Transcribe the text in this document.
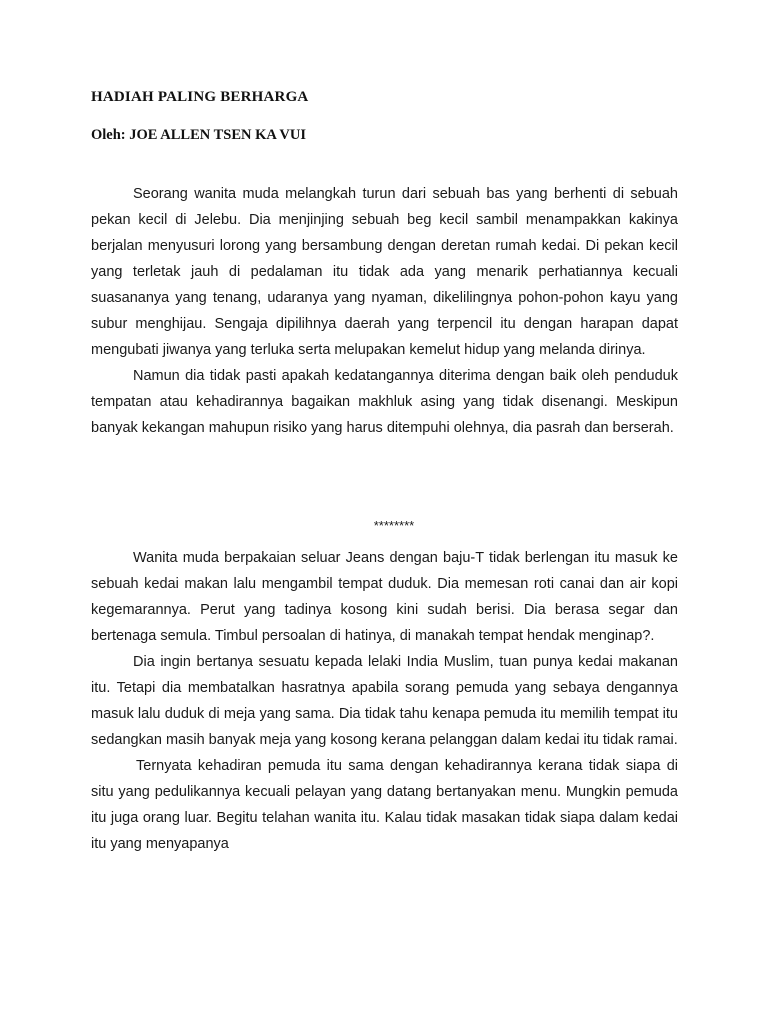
HADIAH PALING BERHARGA
Oleh: JOE ALLEN TSEN KA VUI

Seorang wanita muda melangkah turun dari sebuah bas yang berhenti di sebuah pekan kecil di Jelebu. Dia menjinjing sebuah beg kecil sambil menampakkan kakinya berjalan menyusuri lorong yang bersambung dengan deretan rumah kedai. Di pekan kecil yang terletak jauh di pedalaman itu tidak ada yang menarik perhatiannya kecuali suasananya yang tenang, udaranya yang nyaman, dikelilingnya pohon-pohon kayu yang subur menghijau. Sengaja dipilihnya daerah yang terpencil itu dengan harapan dapat mengubati jiwanya yang terluka serta melupakan kemelut hidup yang melanda dirinya.

Namun dia tidak pasti apakah kedatangannya diterima dengan baik oleh penduduk tempatan atau kehadirannya bagaikan makhluk asing yang tidak disenangi. Meskipun banyak kekangan mahupun risiko yang harus ditempuhi olehnya, dia pasrah dan berserah.

********

Wanita muda berpakaian seluar Jeans dengan baju-T tidak berlengan itu masuk ke sebuah kedai makan lalu mengambil tempat duduk. Dia memesan roti canai dan air kopi kegemarannya. Perut yang tadinya kosong kini sudah berisi. Dia berasa segar dan bertenaga semula. Timbul persoalan di hatinya, di manakah tempat hendak menginap?.

Dia ingin bertanya sesuatu kepada lelaki India Muslim, tuan punya kedai makanan itu. Tetapi dia membatalkan hasratnya apabila sorang pemuda yang sebaya dengannya masuk lalu duduk di meja yang sama. Dia tidak tahu kenapa pemuda itu memilih tempat itu sedangkan masih banyak meja yang kosong kerana pelanggan dalam kedai itu tidak ramai.

Ternyata kehadiran pemuda itu sama dengan kehadirannya kerana tidak siapa di situ yang pedulikannya kecuali pelayan yang datang bertanyakan menu. Mungkin pemuda itu juga orang luar. Begitu telahan wanita itu. Kalau tidak masakan tidak siapa dalam kedai itu yang menyapanya
